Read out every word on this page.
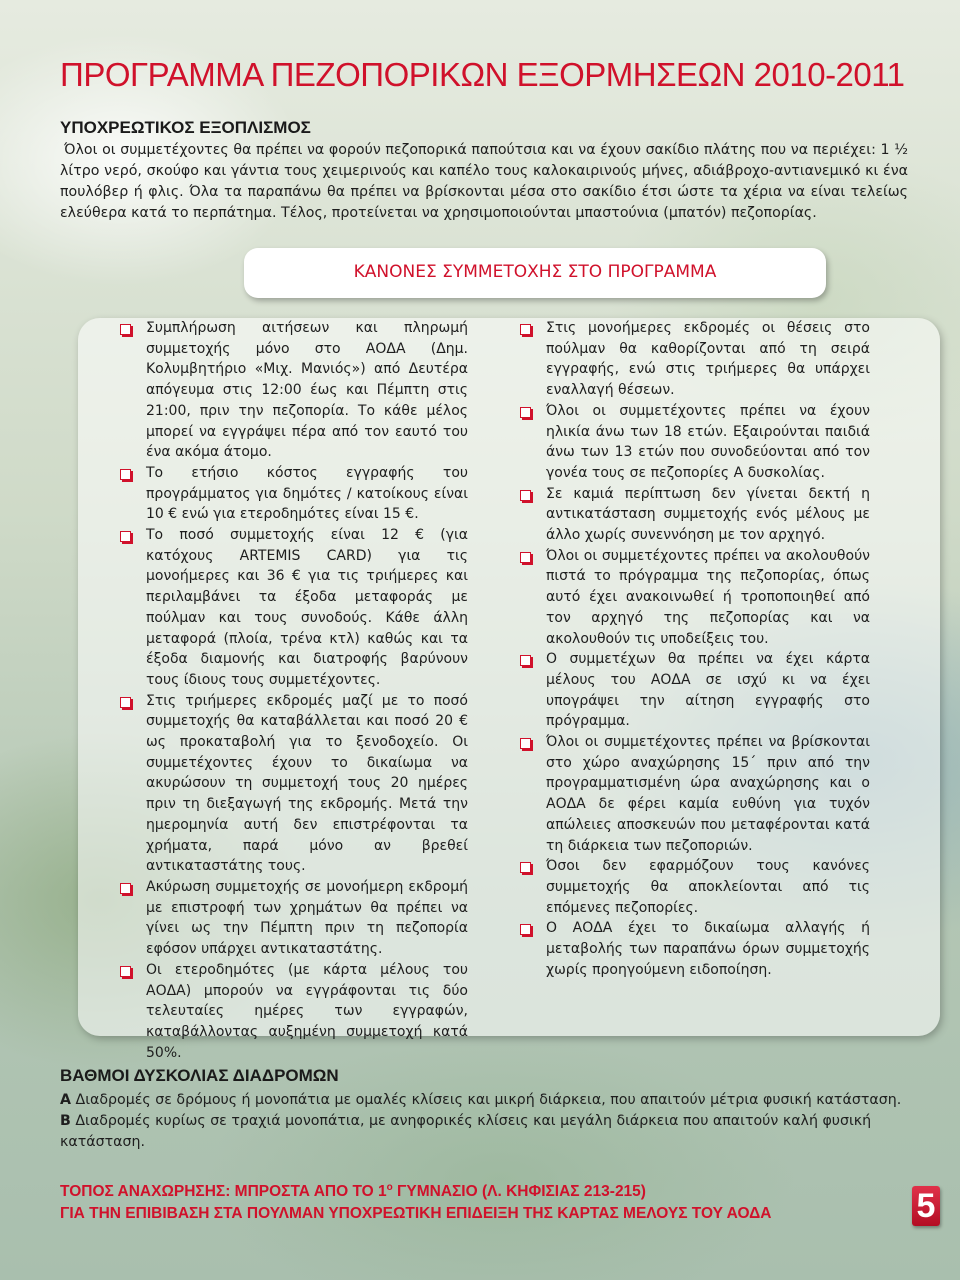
ΠΡΟΓΡΑΜΜΑ ΠΕΖΟΠΟΡΙΚΩΝ ΕΞΟΡΜΗΣΕΩΝ 2010-2011
ΥΠΟΧΡΕΩΤΙΚΟΣ ΕΞΟΠΛΙΣΜΟΣ
Όλοι οι συμμετέχοντες θα πρέπει να φορούν πεζοπορικά παπούτσια και να έχουν σακίδιο πλάτης που να περιέχει: 1 ½ λίτρο νερό, σκούφο και γάντια τους χειμερινούς και καπέλο τους καλοκαιρινούς μήνες, αδιάβροχο-αντιανεμικό κι ένα πουλόβερ ή φλις. Όλα τα παραπάνω θα πρέπει να βρίσκονται μέσα στο σακίδιο έτσι ώστε τα χέρια να είναι τελείως ελεύθερα κατά το περπάτημα. Τέλος, προτείνεται να χρησιμοποιούνται μπαστούνια (μπατόν) πεζοπορίας.
ΚΑΝΟΝΕΣ ΣΥΜΜΕΤΟΧΗΣ ΣΤΟ ΠΡΟΓΡΑΜΜΑ
Συμπλήρωση αιτήσεων και πληρωμή συμμετοχής μόνο στο ΑΟΔΑ (Δημ. Κολυμβητήριο «Μιχ. Μανιός») από Δευτέρα απόγευμα στις 12:00 έως και Πέμπτη στις 21:00, πριν την πεζοπορία. Το κάθε μέλος μπορεί να εγγράψει πέρα από τον εαυτό του ένα ακόμα άτομο.
Το ετήσιο κόστος εγγραφής του προγράμματος για δημότες / κατοίκους είναι 10 € ενώ για ετεροδημότες είναι 15 €.
Το ποσό συμμετοχής είναι 12 € (για κατόχους ARTEMIS CARD) για τις μονοήμερες και 36 € για τις τριήμερες και περιλαμβάνει τα έξοδα μεταφοράς με πούλμαν και τους συνοδούς. Κάθε άλλη μεταφορά (πλοία, τρένα κτλ) καθώς και τα έξοδα διαμονής και διατροφής βαρύνουν τους ίδιους τους συμμετέχοντες.
Στις τριήμερες εκδρομές μαζί με το ποσό συμμετοχής θα καταβάλλεται και ποσό 20 € ως προκαταβολή για το ξενοδοχείο. Οι συμμετέχοντες έχουν το δικαίωμα να ακυρώσουν τη συμμετοχή τους 20 ημέρες πριν τη διεξαγωγή της εκδρομής. Μετά την ημερομηνία αυτή δεν επιστρέφονται τα χρήματα, παρά μόνο αν βρεθεί αντικαταστάτης τους.
Ακύρωση συμμετοχής σε μονοήμερη εκδρομή με επιστροφή των χρημάτων θα πρέπει να γίνει ως την Πέμπτη πριν τη πεζοπορία εφόσον υπάρχει αντικαταστάτης.
Οι ετεροδημότες (με κάρτα μέλους του ΑΟΔΑ) μπορούν να εγγράφονται τις δύο τελευταίες ημέρες των εγγραφών, καταβάλλοντας αυξημένη συμμετοχή κατά 50%.
Στις μονοήμερες εκδρομές οι θέσεις στο πούλμαν θα καθορίζονται από τη σειρά εγγραφής, ενώ στις τριήμερες θα υπάρχει εναλλαγή θέσεων.
Όλοι οι συμμετέχοντες πρέπει να έχουν ηλικία άνω των 18 ετών. Εξαιρούνται παιδιά άνω των 13 ετών που συνοδεύονται από τον γονέα τους σε πεζοπορίες Α δυσκολίας.
Σε καμιά περίπτωση δεν γίνεται δεκτή η αντικατάσταση συμμετοχής ενός μέλους με άλλο χωρίς συνεννόηση με τον αρχηγό.
Όλοι οι συμμετέχοντες πρέπει να ακολουθούν πιστά το πρόγραμμα της πεζοπορίας, όπως αυτό έχει ανακοινωθεί ή τροποποιηθεί από τον αρχηγό της πεζοπορίας και να ακολουθούν τις υποδείξεις του.
Ο συμμετέχων θα πρέπει να έχει κάρτα μέλους του ΑΟΔΑ σε ισχύ κι να έχει υπογράψει την αίτηση εγγραφής στο πρόγραμμα.
Όλοι οι συμμετέχοντες πρέπει να βρίσκονται στο χώρο αναχώρησης 15΄ πριν από την προγραμματισμένη ώρα αναχώρησης και ο ΑΟΔΑ δε φέρει καμία ευθύνη για τυχόν απώλειες αποσκευών που μεταφέρονται κατά τη διάρκεια των πεζοποριών.
Όσοι δεν εφαρμόζουν τους κανόνες συμμετοχής θα αποκλείονται από τις επόμενες πεζοπορίες.
Ο ΑΟΔΑ έχει το δικαίωμα αλλαγής ή μεταβολής των παραπάνω όρων συμμετοχής χωρίς προηγούμενη ειδοποίηση.
ΒΑΘΜΟΙ ΔΥΣΚΟΛΙΑΣ ΔΙΑΔΡΟΜΩΝ
Α Διαδρομές σε δρόμους ή μονοπάτια με ομαλές κλίσεις και μικρή διάρκεια, που απαιτούν μέτρια φυσική κατάσταση. Β Διαδρομές κυρίως σε τραχιά μονοπάτια, με ανηφορικές κλίσεις και μεγάλη διάρκεια που απαιτούν καλή φυσική κατάσταση.
ΤΟΠΟΣ ΑΝΑΧΩΡΗΣΗΣ: ΜΠΡΟΣΤΑ ΑΠΟ ΤΟ $1^o$ ΓΥΜΝΑΣΙΟ (Λ. ΚΗΦΙΣΙΑΣ 213-215)
ΓΙΑ ΤΗΝ ΕΠΙΒΙΒΑΣΗ ΣΤΑ ΠΟΥΛΜΑΝ ΥΠΟΧΡΕΩΤΙΚΗ ΕΠΙΔΕΙΞΗ ΤΗΣ ΚΑΡΤΑΣ ΜΕΛΟΥΣ ΤΟΥ ΑΟΔΑ	5
